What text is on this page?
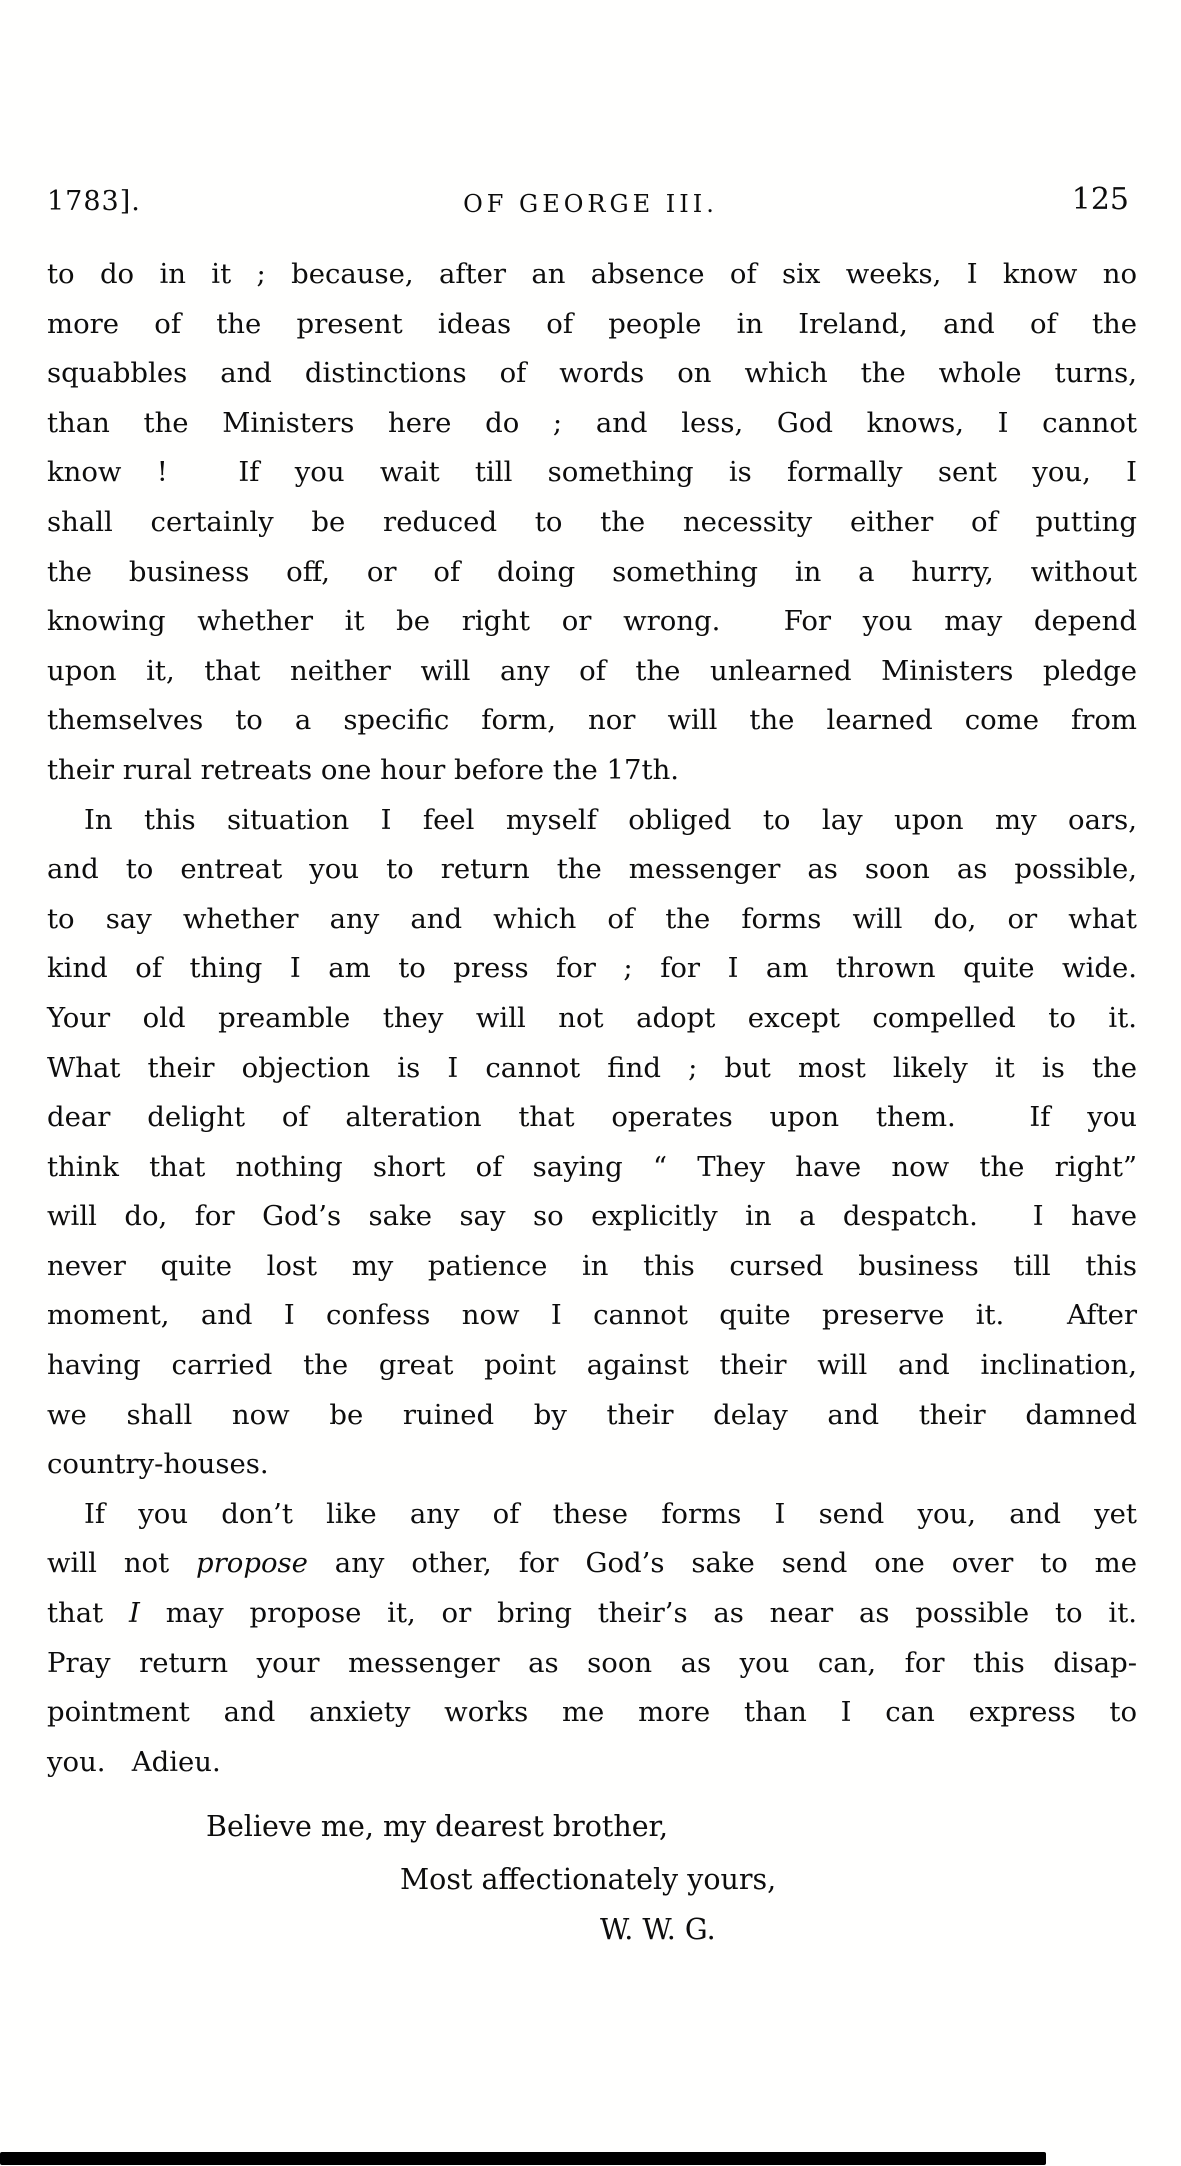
1783].	OF GEORGE III.	125
to do in it ; because, after an absence of six weeks, I know no
more of the present ideas of people in Ireland, and of the
squabbles and distinctions of words on which the whole turns,
than the Ministers here do ; and less, God knows, I cannot
know !  If you wait till something is formally sent you, I
shall certainly be reduced to the necessity either of putting
the business off, or of doing something in a hurry, without
knowing whether it be right or wrong.  For you may depend
upon it, that neither will any of the unlearned Ministers pledge
themselves to a specific form, nor will the learned come from
their rural retreats one hour before the 17th.
In this situation I feel myself obliged to lay upon my oars,
and to entreat you to return the messenger as soon as possible,
to say whether any and which of the forms will do, or what
kind of thing I am to press for ; for I am thrown quite wide.
Your old preamble they will not adopt except compelled to it.
What their objection is I cannot find ; but most likely it is the
dear delight of alteration that operates upon them.  If you
think that nothing short of saying “ They have now the right”
will do, for God’s sake say so explicitly in a despatch.  I have
never quite lost my patience in this cursed business till this
moment, and I confess now I cannot quite preserve it.  After
having carried the great point against their will and inclination,
we shall now be ruined by their delay and their damned
country-houses.
If you don’t like any of these forms I send you, and yet
will not propose any other, for God’s sake send one over to me
that I may propose it, or bring their’s as near as possible to it.
Pray return your messenger as soon as you can, for this disap-
pointment and anxiety works me more than I can express to
you.   Adieu.
Believe me, my dearest brother,
Most affectionately yours,
W. W. G.
